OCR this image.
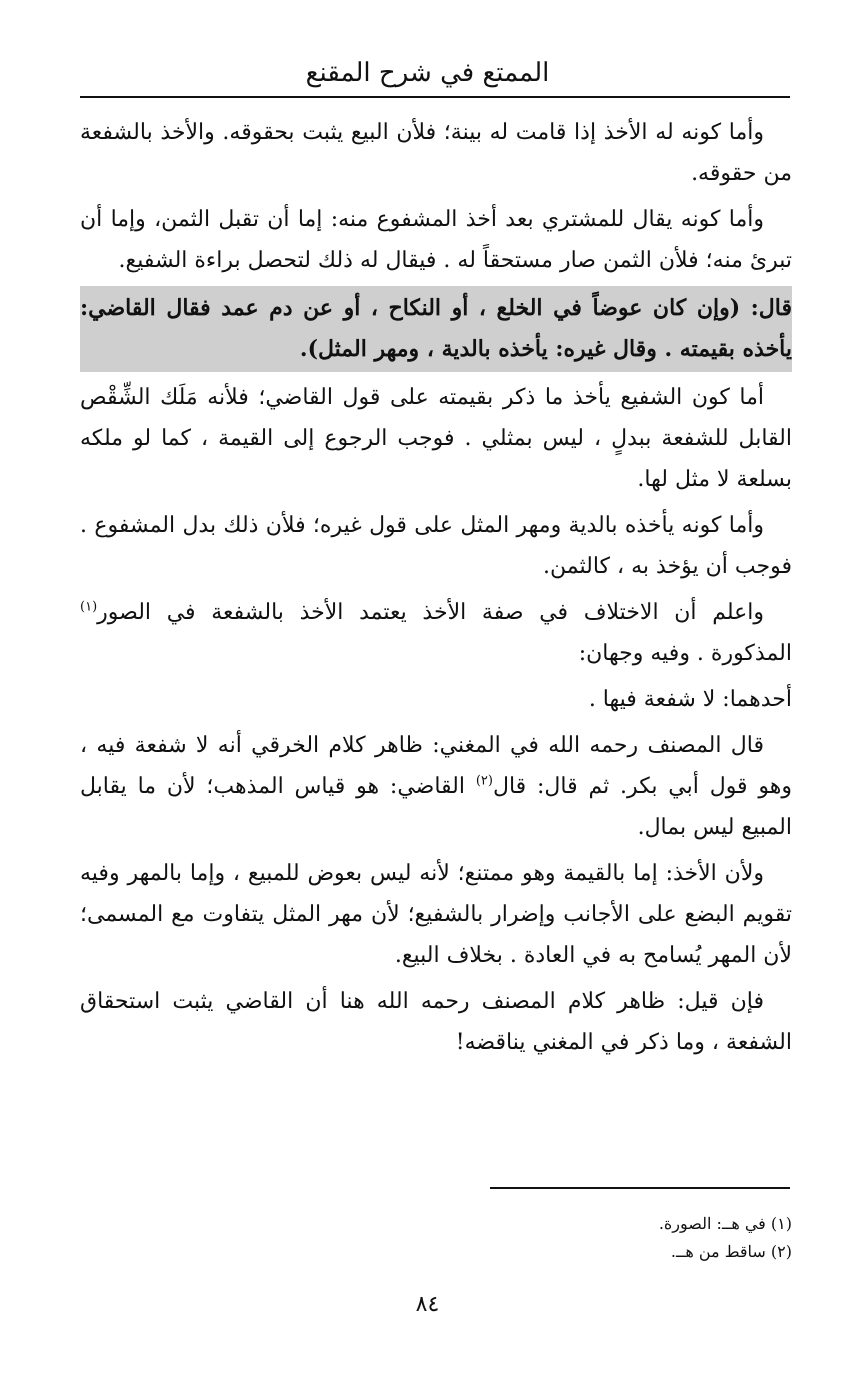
الممتع في شرح المقنع

وأما كونه له الأخذ إذا قامت له بينة؛ فلأن البيع يثبت بحقوقه. والأخذ بالشفعة من حقوقه.

وأما كونه يقال للمشتري بعد أخذ المشفوع منه: إما أن تقبل الثمن، وإما أن تبرئ منه؛ فلأن الثمن صار مستحقاً له . فيقال له ذلك لتحصل براءة الشفيع.

قال: (وإن كان عوضاً في الخلع ، أو النكاح ، أو عن دم عمد فقال القاضي: يأخذه بقيمته . وقال غيره: يأخذه بالدية ، ومهر المثل).

أما كون الشفيع يأخذ ما ذكر بقيمته على قول القاضي؛ فلأنه مَلَك الشِّقْص القابل للشفعة ببدلٍ ، ليس بمثلي . فوجب الرجوع إلى القيمة ، كما لو ملكه بسلعة لا مثل لها.

وأما كونه يأخذه بالدية ومهر المثل على قول غيره؛ فلأن ذلك بدل المشفوع . فوجب أن يؤخذ به ، كالثمن.

واعلم أن الاختلاف في صفة الأخذ يعتمد الأخذ بالشفعة في الصور$^{(١)}$ المذكورة . وفيه وجهان:

أحدهما: لا شفعة فيها .

قال المصنف رحمه الله في المغني: ظاهر كلام الخرقي أنه لا شفعة فيه ، وهو قول أبي بكر. ثم قال: قال$^{(٢)}$ القاضي: هو قياس المذهب؛ لأن ما يقابل المبيع ليس بمال.

ولأن الأخذ: إما بالقيمة وهو ممتنع؛ لأنه ليس بعوض للمبيع ، وإما بالمهر وفيه تقويم البضع على الأجانب وإضرار بالشفيع؛ لأن مهر المثل يتفاوت مع المسمى؛ لأن المهر يُسامح به في العادة . بخلاف البيع.

فإن قيل: ظاهر كلام المصنف رحمه الله هنا أن القاضي يثبت استحقاق الشفعة ، وما ذكر في المغني يناقضه!

(١) في هــ: الصورة.

(٢) ساقط من هــ.

٨٤
